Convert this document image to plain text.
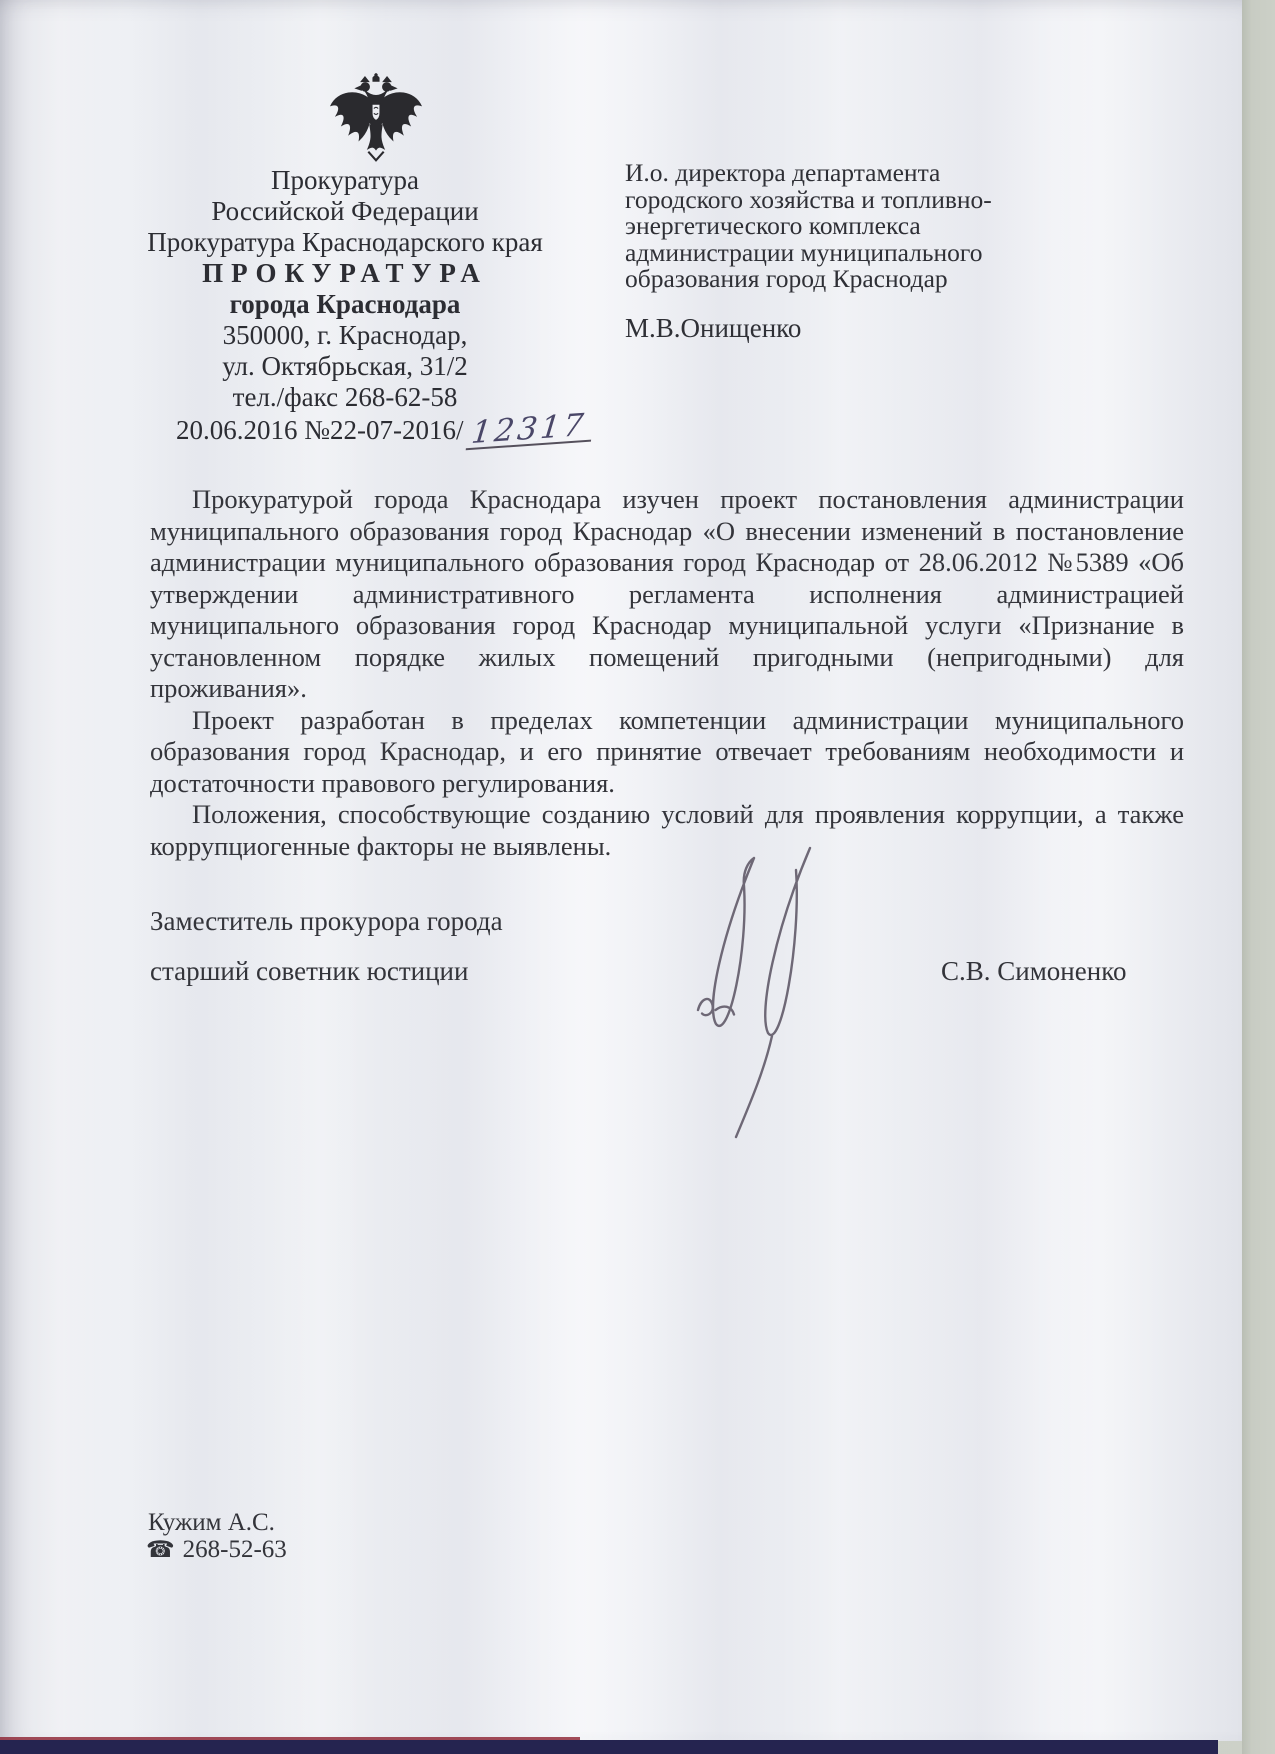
Прокуратура
Российской Федерации
Прокуратура Краснодарского края
ПРОКУРАТУРА
города Краснодара
350000, г. Краснодар,
ул. Октябрьская, 31/2
тел./факс 268-62-58
20.06.2016 №22-07-2016/ 12317
И.о. директора департамента
городского хозяйства и топливно-
энергетического комплекса
администрации муниципального
образования город Краснодар
М.В.Онищенко

Прокуратурой города Краснодара изучен проект постановления администрации муниципального образования город Краснодар «О внесении изменений в постановление администрации муниципального образования город Краснодар от 28.06.2012 №5389 «Об утверждении административного регламента исполнения администрацией муниципального образования город Краснодар муниципальной услуги «Признание в установленном порядке жилых помещений пригодными (непригодными) для проживания».

Проект разработан в пределах компетенции администрации муниципального образования город Краснодар, и его принятие отвечает требованиям необходимости и достаточности правового регулирования.

Положения, способствующие созданию условий для проявления коррупции, а также коррупциогенные факторы не выявлены.

Заместитель прокурора города
старший советник юстиции	С.В. Симоненко
Кужим А.С.
☎ 268-52-63
